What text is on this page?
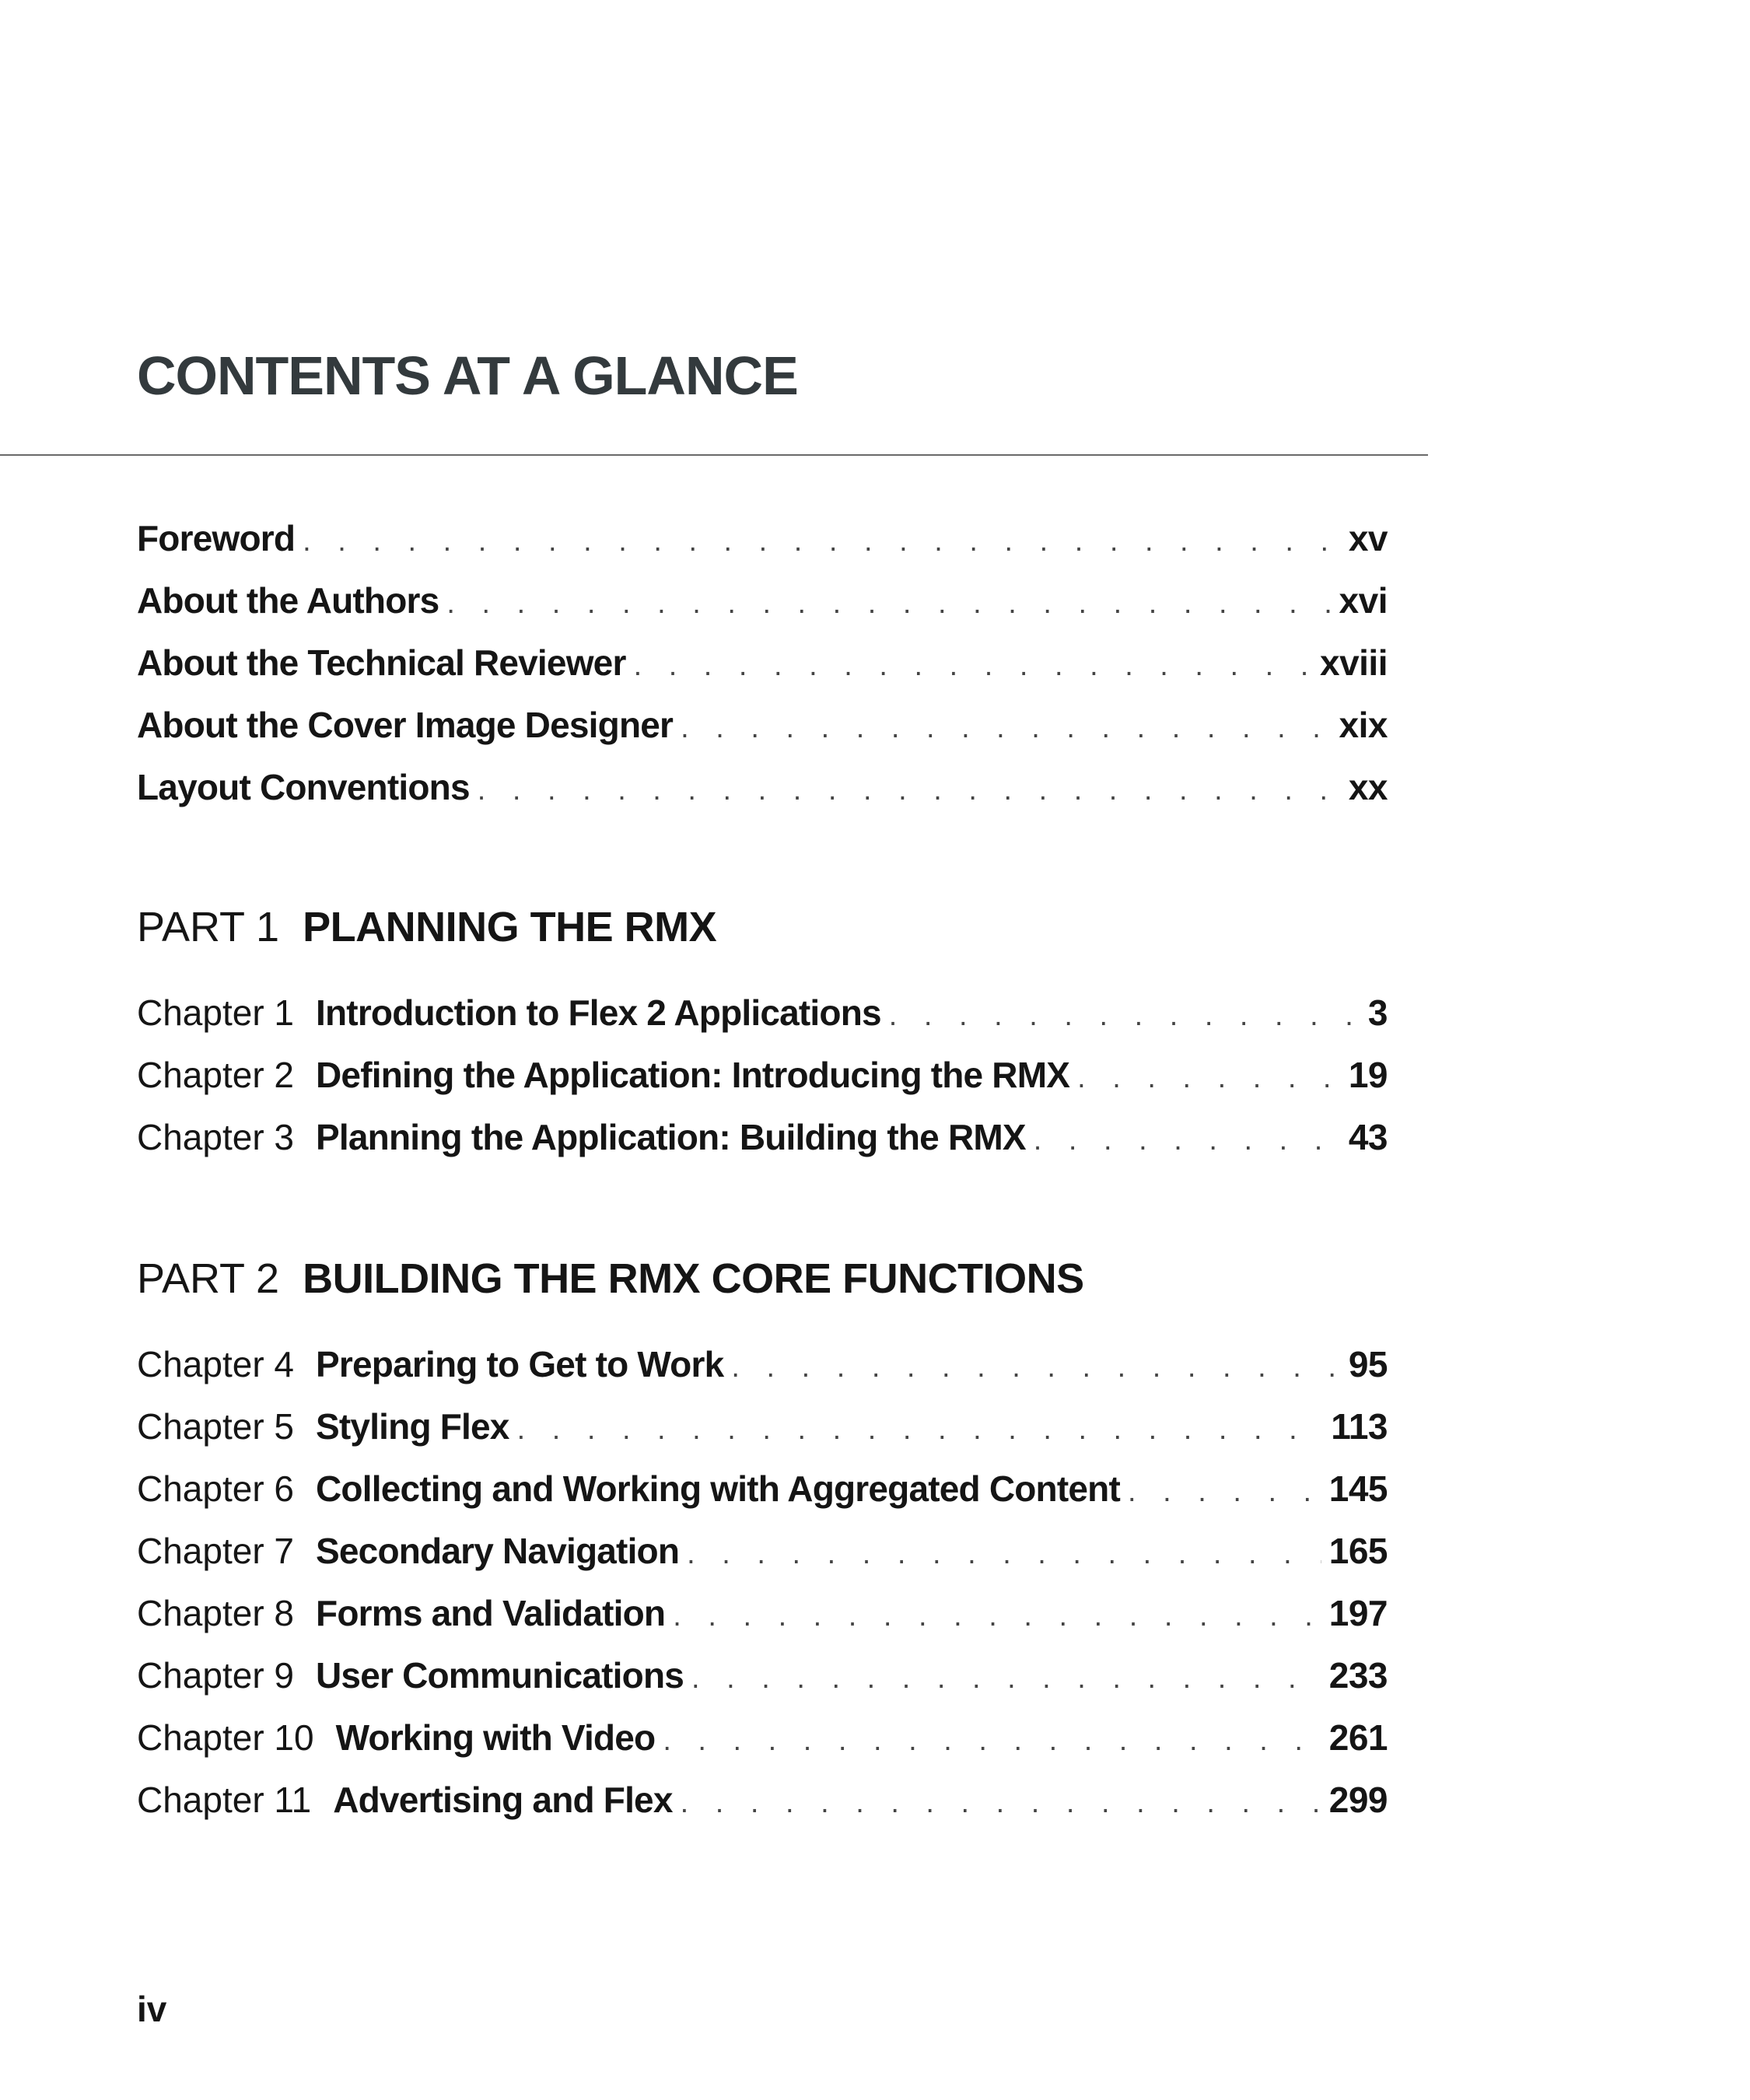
CONTENTS AT A GLANCE
Foreword . . .	xv
About the Authors . . .	xvi
About the Technical Reviewer . . .	xviii
About the Cover Image Designer . . .	xix
Layout Conventions . . .	xx
PART 1 PLANNING THE RMX
Chapter 1 Introduction to Flex 2 Applications . . .	3
Chapter 2 Defining the Application: Introducing the RMX . . .	19
Chapter 3 Planning the Application: Building the RMX . . .	43
PART 2 BUILDING THE RMX CORE FUNCTIONS
Chapter 4 Preparing to Get to Work . . .	95
Chapter 5 Styling Flex . . .	113
Chapter 6 Collecting and Working with Aggregated Content . . .	145
Chapter 7 Secondary Navigation . . .	165
Chapter 8 Forms and Validation . . .	197
Chapter 9 User Communications . . .	233
Chapter 10 Working with Video . . .	261
Chapter 11 Advertising and Flex . . .	299
iv
